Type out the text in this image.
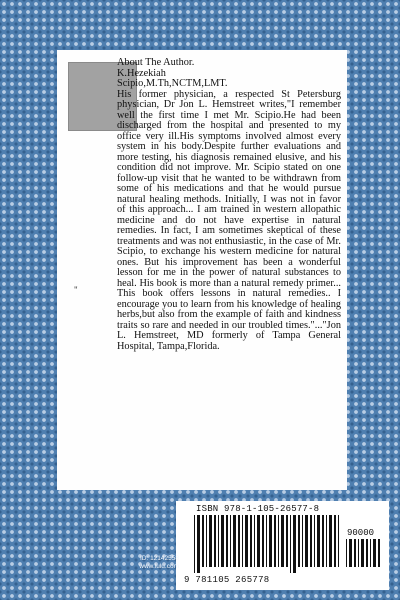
About The Author.
K.Hezekiah
Scipio,M.Th,NCTM,LMT.
His former physician, a respected St Petersburg physician, Dr Jon L. Hemstreet writes,"I remember well the first time I met Mr. Scipio.He had been discharged from the hospital and presented to my office very ill.His symptoms involved almost every system in his body.Despite further evaluations and more testing, his diagnosis remained elusive, and his condition did not improve. Mr. Scipio stated on one follow-up visit that he wanted to be withdrawn from some of his medications and that he would pursue natural healing methods. Initially, I was not in favor of this approach... I am trained in western allopathic medicine and do not have expertise in natural remedies. In fact, I am sometimes skeptical of these treatments and was not enthusiastic, in the case of Mr. Scipio, to exchange his western medicine for natural ones. But his improvement has been a wonderful lesson for me in the power of natural substances to heal. His book is more than a natural remedy primer... This book offers lessons in natural remedies.. I encourage you to learn from his knowledge of healing herbs,but also from the example of faith and kindness traits so rare and needed in our troubled times."..."Jon L. Hemstreet, MD formerly of Tampa General Hospital, Tampa,Florida.
"
ISBN 978-1-105-26577-8
90000
9 781105 265778
ID: 12142558
www.lulu.com
